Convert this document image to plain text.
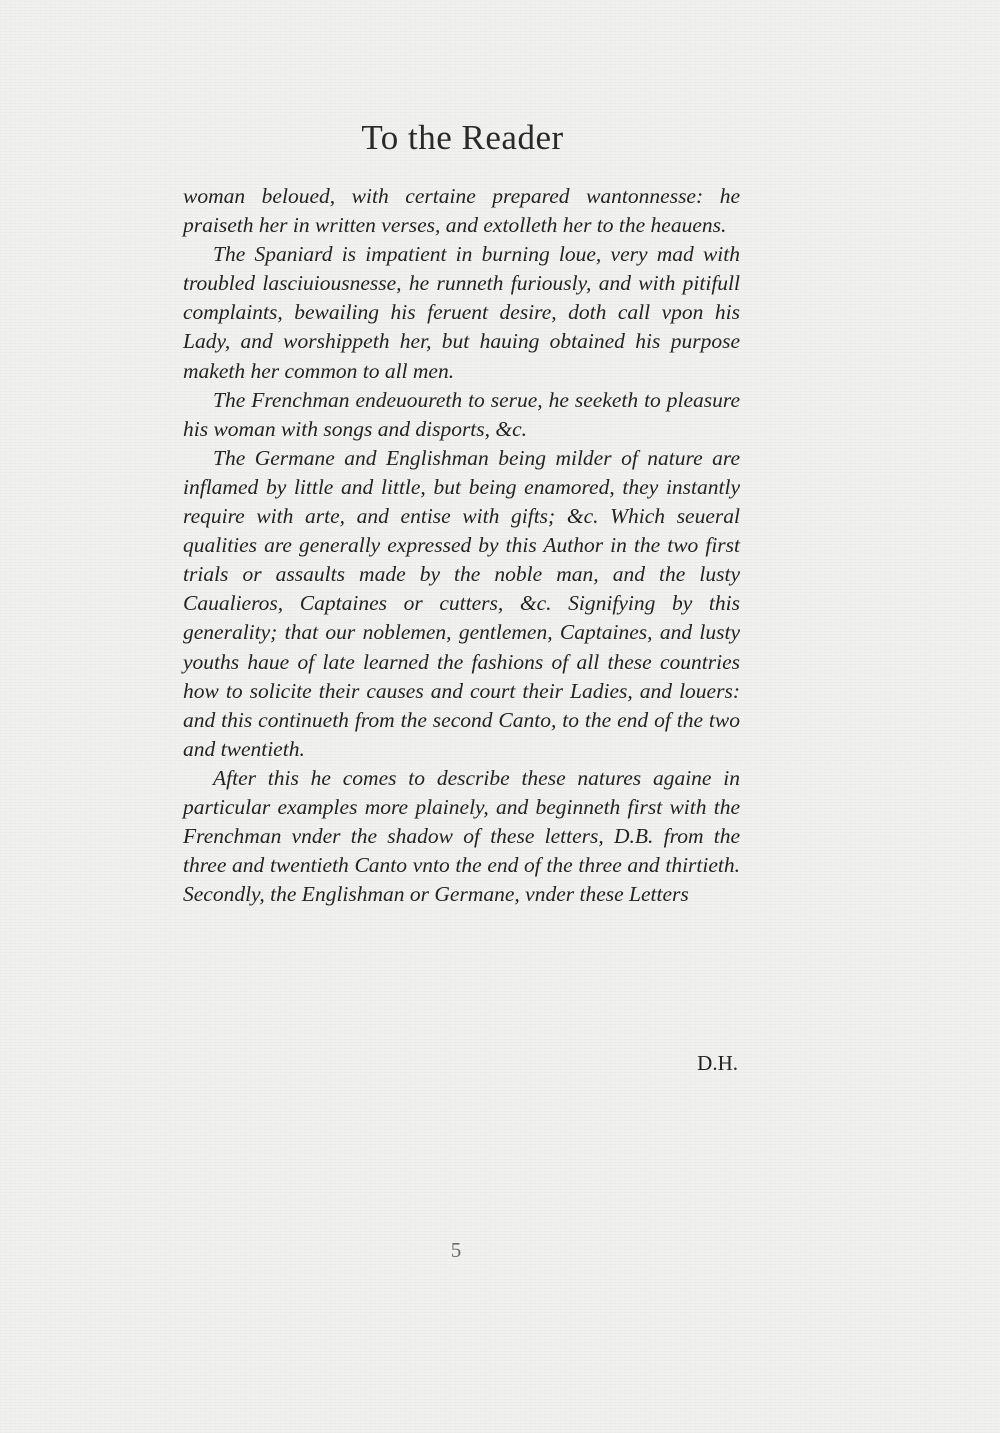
To the Reader

woman beloued, with certaine prepared wantonnesse: he praiseth her in written verses, and extolleth her to the heauens.

The Spaniard is impatient in burning loue, very mad with troubled lasciuiousnesse, he runneth furiously, and with pitifull complaints, bewailing his feruent desire, doth call vpon his Lady, and worshippeth her, but hauing obtained his purpose maketh her common to all men.

The Frenchman endeuoureth to serue, he seeketh to pleasure his woman with songs and disports, &c.

The Germane and Englishman being milder of nature are inflamed by little and little, but being enamored, they instantly require with arte, and entise with gifts; &c. Which seueral qualities are generally expressed by this Author in the two first trials or assaults made by the noble man, and the lusty Caualieros, Captaines or cutters, &c. Signifying by this generality; that our noblemen, gentlemen, Captaines, and lusty youths haue of late learned the fashions of all these countries how to solicite their causes and court their Ladies, and louers: and this continueth from the second Canto, to the end of the two and twentieth.

After this he comes to describe these natures againe in particular examples more plainely, and beginneth first with the Frenchman vnder the shadow of these letters, D.B. from the three and twentieth Canto vnto the end of the three and thirtieth. Secondly, the Englishman or Germane, vnder these Letters

D.H.
5
